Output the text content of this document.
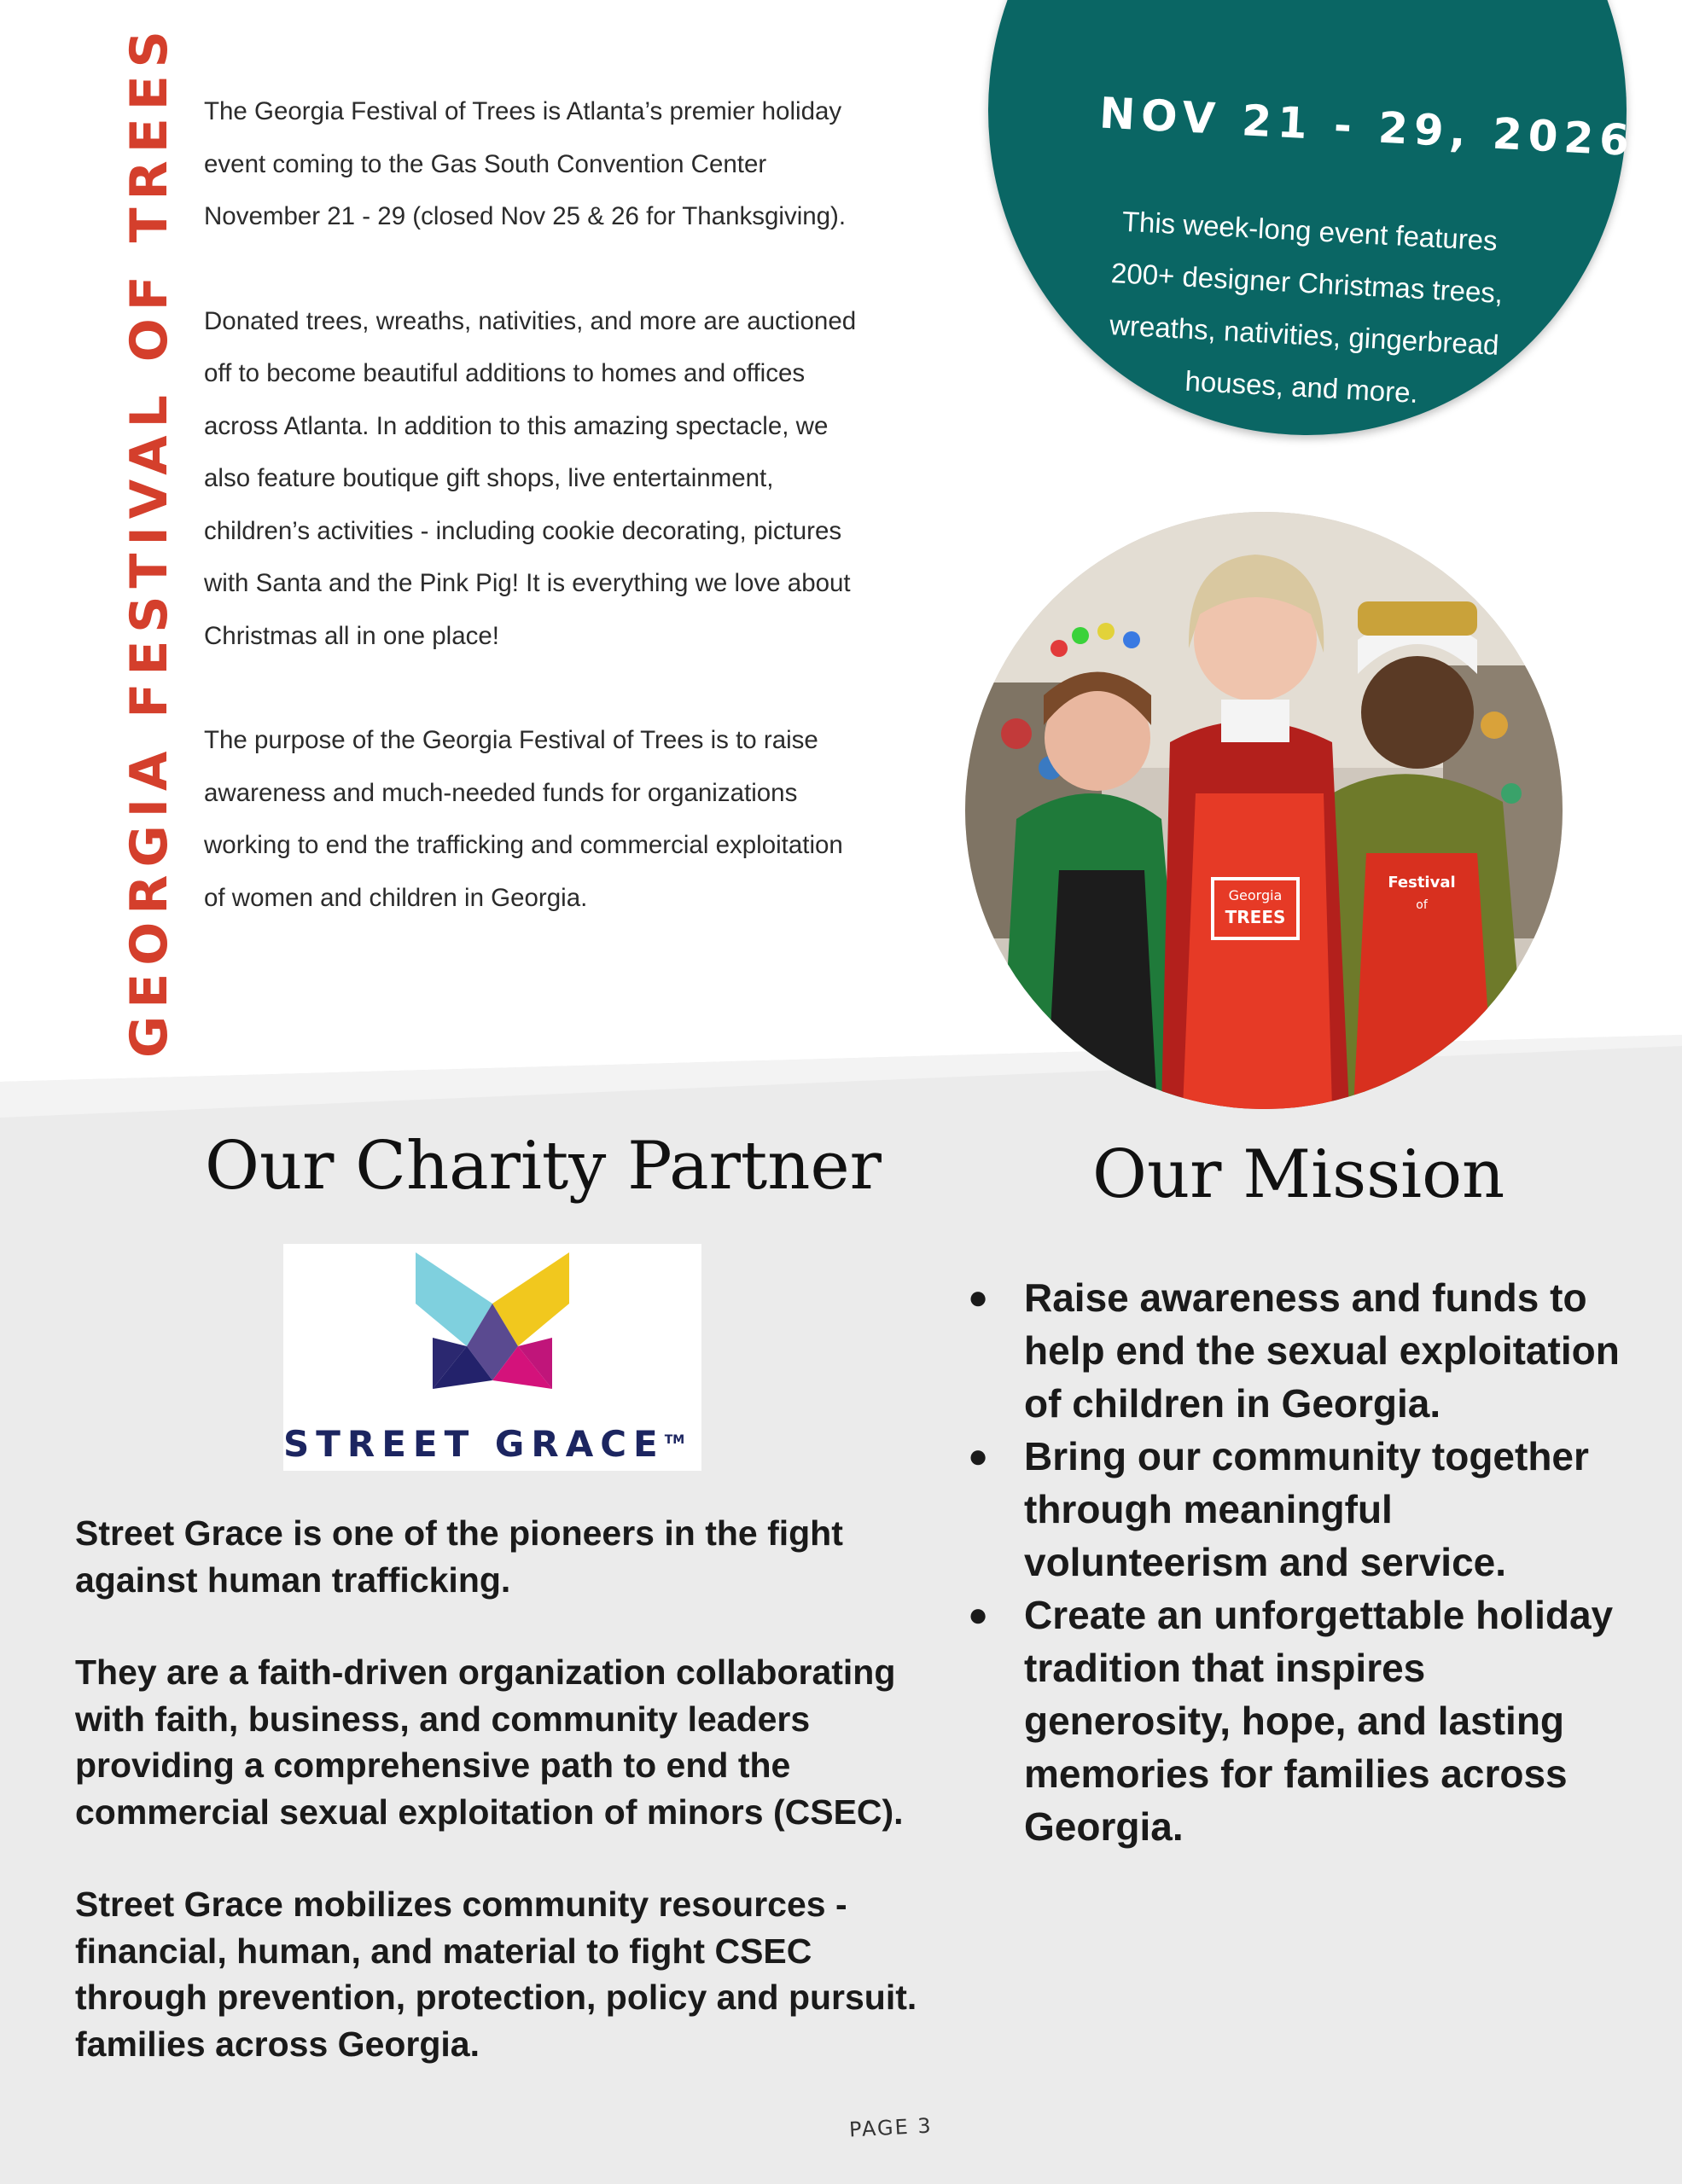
GEORGIA FESTIVAL OF TREES The Georgia Festival of Trees is Atlanta’s premier holiday event coming to the Gas South Convention Center November 21 - 29 (closed Nov 25 & 26 for Thanksgiving).

Donated trees, wreaths, nativities, and more are auctioned off to become beautiful additions to homes and offices across Atlanta. In addition to this amazing spectacle, we also feature boutique gift shops, live entertainment, children’s activities - including cookie decorating, pictures with Santa and the Pink Pig! It is everything we love about Christmas all in one place!

The purpose of the Georgia Festival of Trees is to raise awareness and much-needed funds for organizations working to end the trafficking and commercial exploitation of women and children in Georgia.

NOV 21 - 29, 2026
This week-long event features 200+ designer Christmas trees, wreaths, nativities, gingerbread houses, and more.
Georgia
TREES
Festival
of
Our Charity Partner	Our Mission
STREET GRACE™

Street Grace is one of the pioneers in the fight against human trafficking.

They are a faith-driven organization collaborating with faith, business, and community leaders providing a comprehensive path to end the commercial sexual exploitation of minors (CSEC).

Street Grace mobilizes community resources - financial, human, and material to fight CSEC through prevention, protection, policy and pursuit. families across Georgia.

● Raise awareness and funds to help end the sexual exploitation of children in Georgia.
● Bring our community together through meaningful volunteerism and service.
● Create an unforgettable holiday tradition that inspires generosity, hope, and lasting memories for families across Georgia.
PAGE 3
